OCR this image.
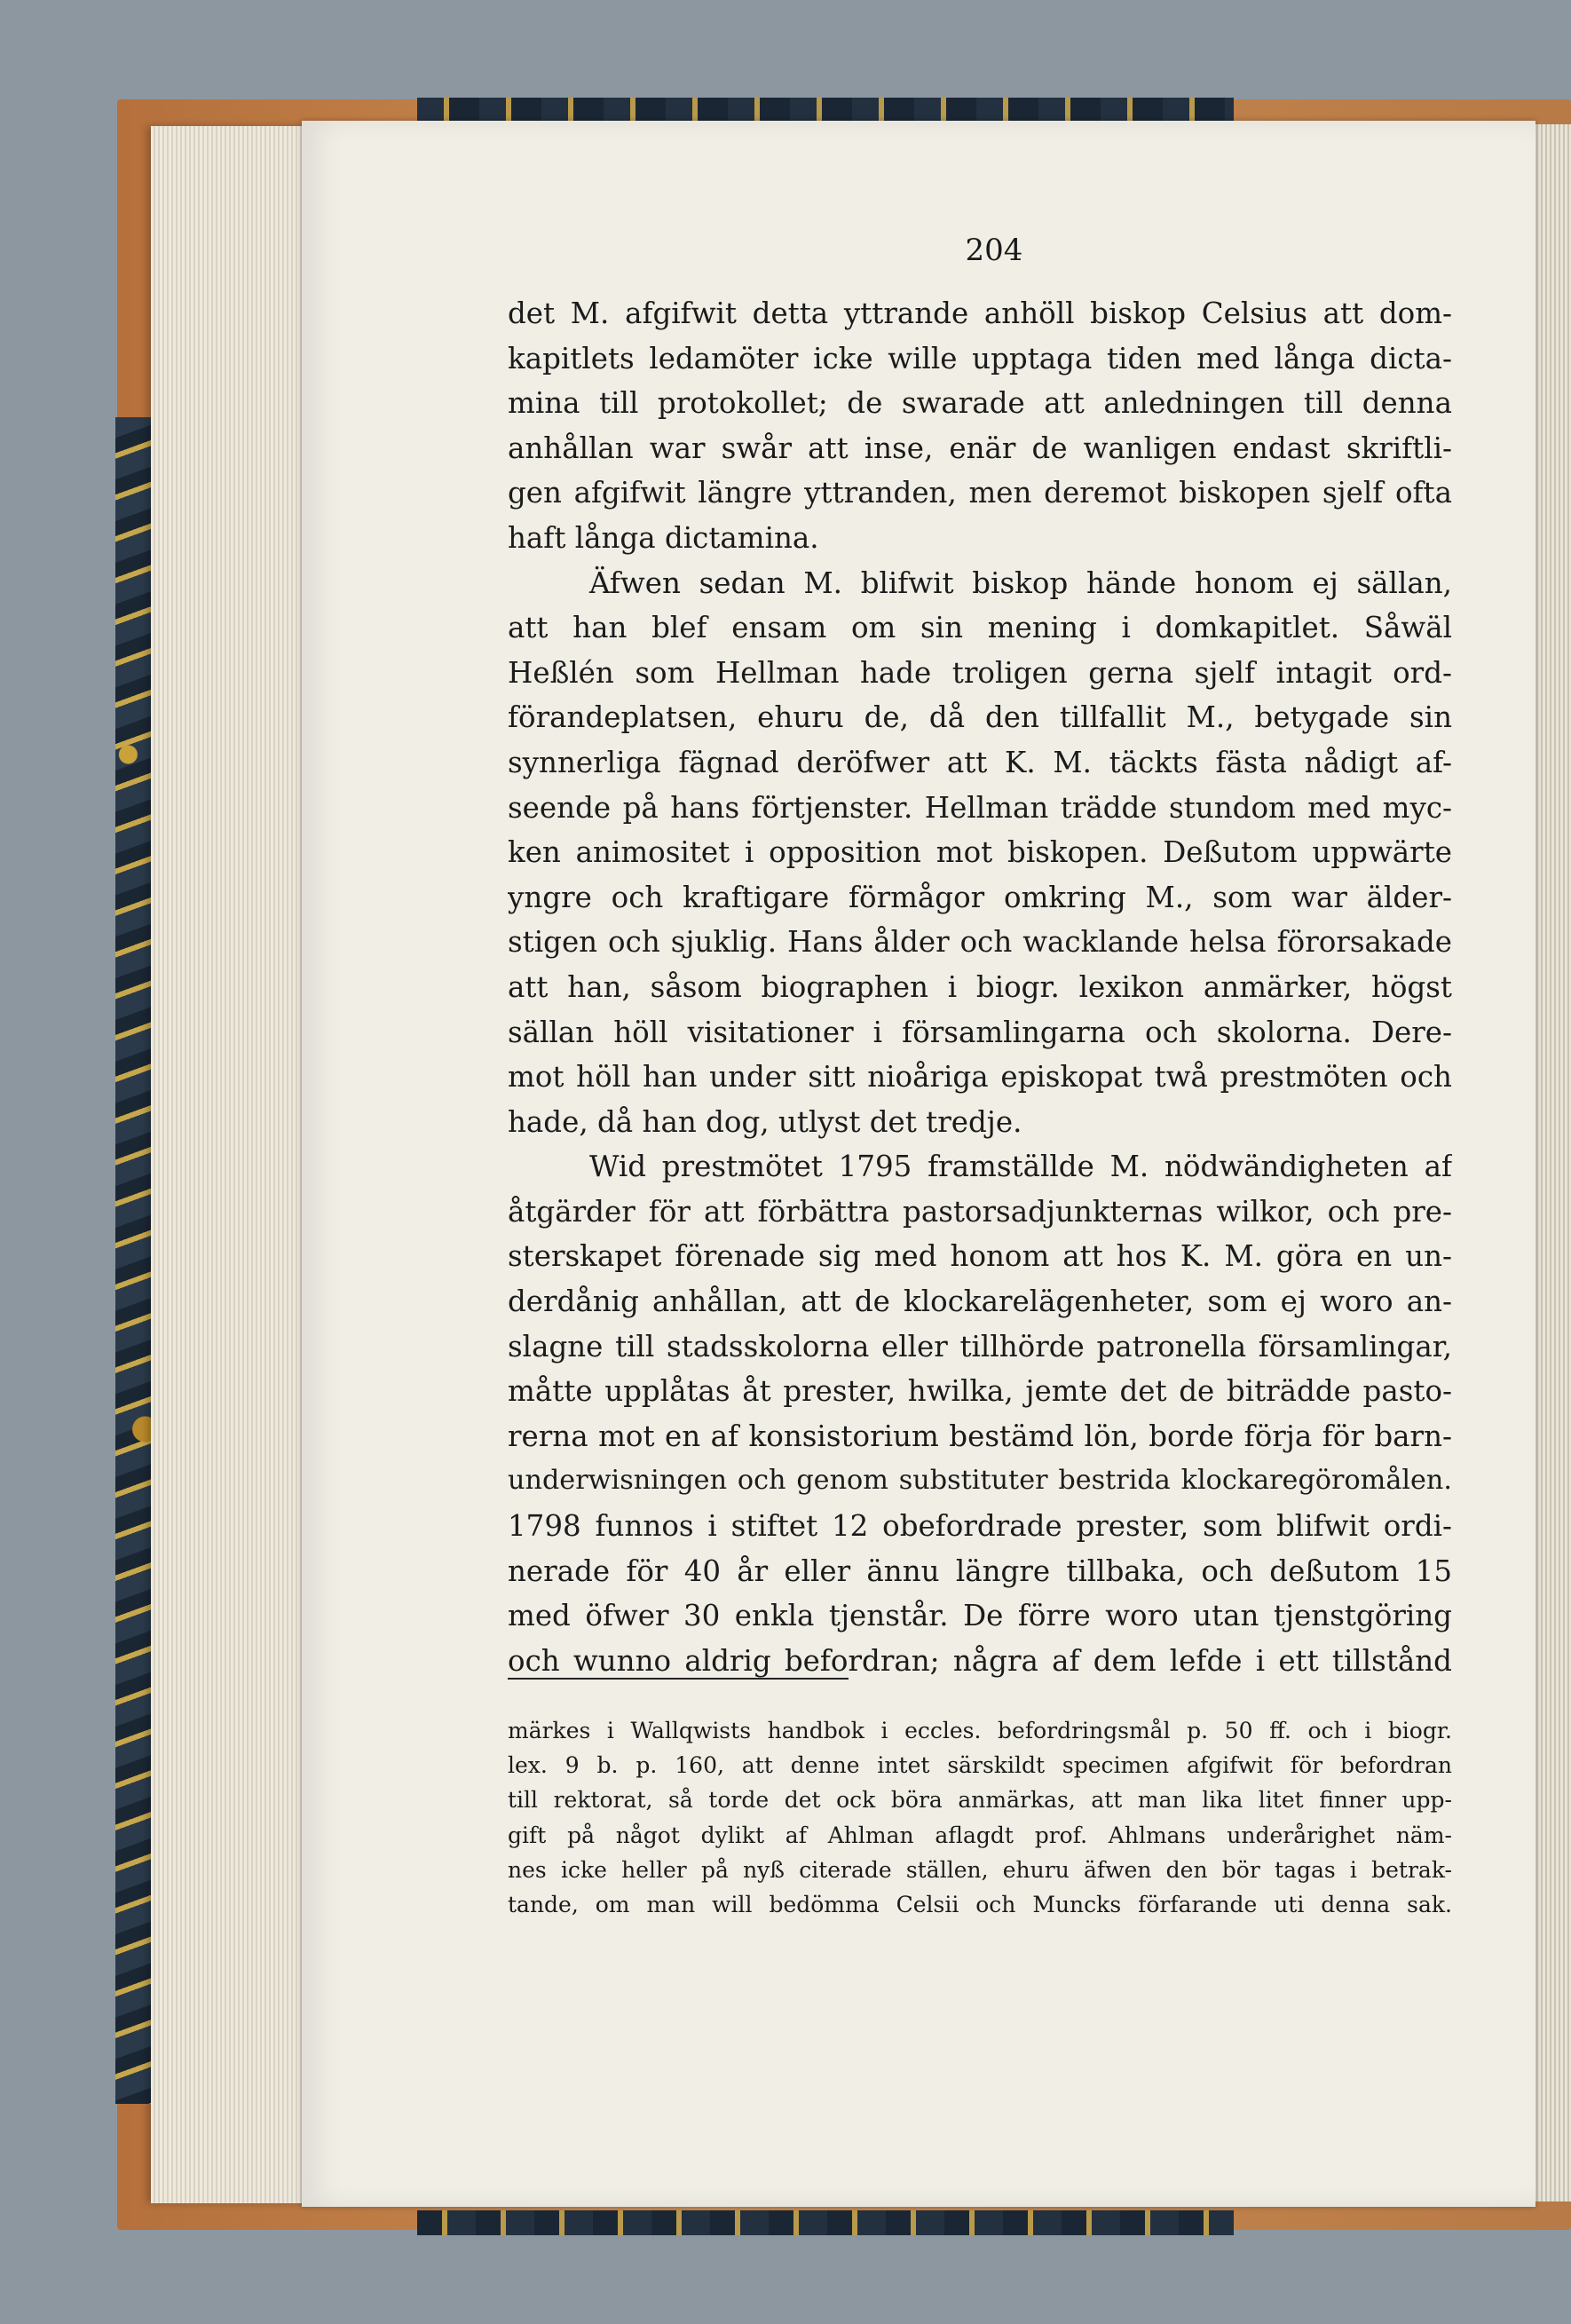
204
det M. afgifwit detta yttrande anhöll biskop Celsius att dom-
kapitlets ledamöter icke wille upptaga tiden med långa dicta-
mina till protokollet; de swarade att anledningen till denna
anhållan war swår att inse, enär de wanligen endast skriftli-
gen afgifwit längre yttranden, men deremot biskopen sjelf ofta
haft långa dictamina.
Äfwen sedan M. blifwit biskop hände honom ej sällan,
att han blef ensam om sin mening i domkapitlet. Såwäl
Heßlén som Hellman hade troligen gerna sjelf intagit ord-
förandeplatsen, ehuru de, då den tillfallit M., betygade sin
synnerliga fägnad deröfwer att K. M. täckts fästa nådigt af-
seende på hans förtjenster. Hellman trädde stundom med myc-
ken animositet i opposition mot biskopen. Deßutom uppwärte
yngre och kraftigare förmågor omkring M., som war älder-
stigen och sjuklig. Hans ålder och wacklande helsa förorsakade
att han, såsom biographen i biogr. lexikon anmärker, högst
sällan höll visitationer i församlingarna och skolorna. Dere-
mot höll han under sitt nioåriga episkopat twå prestmöten och
hade, då han dog, utlyst det tredje.
Wid prestmötet 1795 framställde M. nödwändigheten af
åtgärder för att förbättra pastorsadjunkternas wilkor, och pre-
sterskapet förenade sig med honom att hos K. M. göra en un-
derdånig anhållan, att de klockarelägenheter, som ej woro an-
slagne till stadsskolorna eller tillhörde patronella församlingar,
måtte upplåtas åt prester, hwilka, jemte det de biträdde pasto-
rerna mot en af konsistorium bestämd lön, borde förja för barn-
underwisningen och genom substituter bestrida klockaregöromålen.
1798 funnos i stiftet 12 obefordrade prester, som blifwit ordi-
nerade för 40 år eller ännu längre tillbaka, och deßutom 15
med öfwer 30 enkla tjenstår. De förre woro utan tjenstgöring
och wunno aldrig befordran; några af dem lefde i ett tillstånd
märkes i Wallqwists handbok i eccles. befordringsmål p. 50 ff. och i biogr.
lex. 9 b. p. 160, att denne intet särskildt specimen afgifwit för befordran
till rektorat, så torde det ock böra anmärkas, att man lika litet finner upp-
gift på något dylikt af Ahlman aflagdt prof. Ahlmans underårighet näm-
nes icke heller på nyß citerade ställen, ehuru äfwen den bör tagas i betrak-
tande, om man will bedömma Celsii och Muncks förfarande uti denna sak.
